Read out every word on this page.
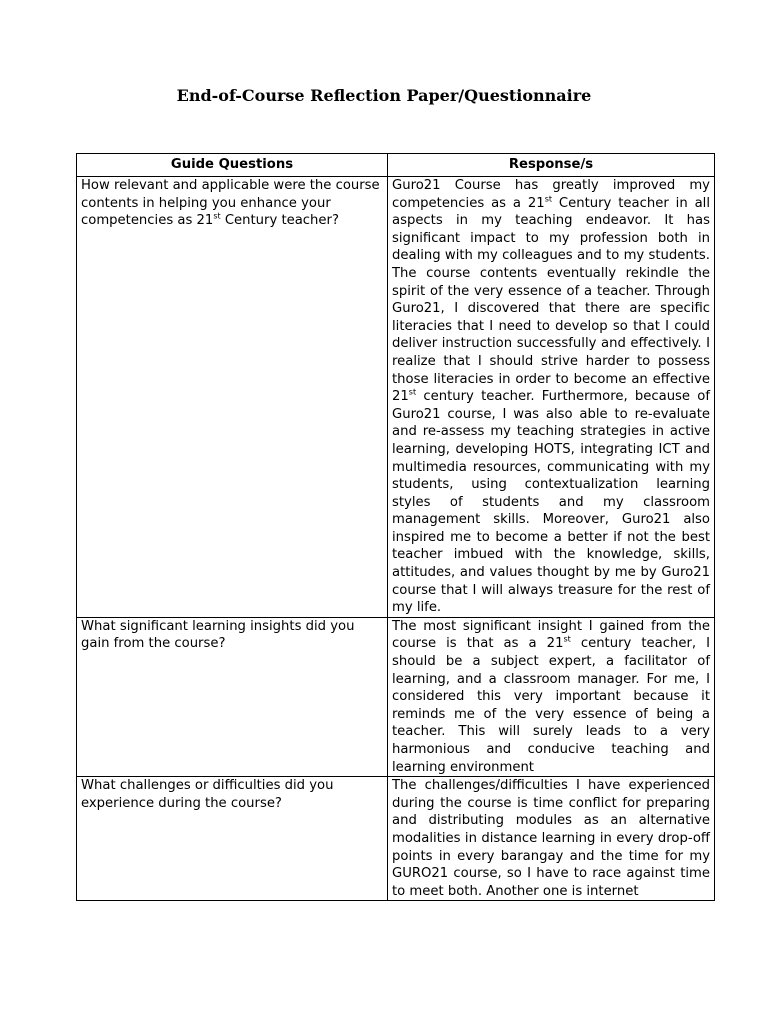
End-of-Course Reflection Paper/Questionnaire
Guide Questions	Response/s
How relevant and applicable were the course contents in helping you enhance your competencies as 21st Century teacher?	Guro21 Course has greatly improved my competencies as a 21st Century teacher in all aspects in my teaching endeavor. It has significant impact to my profession both in dealing with my colleagues and to my students. The course contents eventually rekindle the spirit of the very essence of a teacher. Through Guro21, I discovered that there are specific literacies that I need to develop so that I could deliver instruction successfully and effectively. I realize that I should strive harder to possess those literacies in order to become an effective 21st century teacher. Furthermore, because of Guro21 course, I was also able to re-evaluate and re-assess my teaching strategies in active learning, developing HOTS, integrating ICT and multimedia resources, communicating with my students, using contextualization learning styles of students and my classroom management skills. Moreover, Guro21 also inspired me to become a better if not the best teacher imbued with the knowledge, skills, attitudes, and values thought by me by Guro21 course that I will always treasure for the rest of my life.
What significant learning insights did you gain from the course?	The most significant insight I gained from the course is that as a 21st century teacher, I should be a subject expert, a facilitator of learning, and a classroom manager. For me, I considered this very important because it reminds me of the very essence of being a teacher. This will surely leads to a very harmonious and conducive teaching and learning environment
What challenges or difficulties did you experience during the course?	The challenges/difficulties I have experienced during the course is time conflict for preparing and distributing modules as an alternative modalities in distance learning in every drop-off points in every barangay and the time for my GURO21 course, so I have to race against time to meet both. Another one is internet
